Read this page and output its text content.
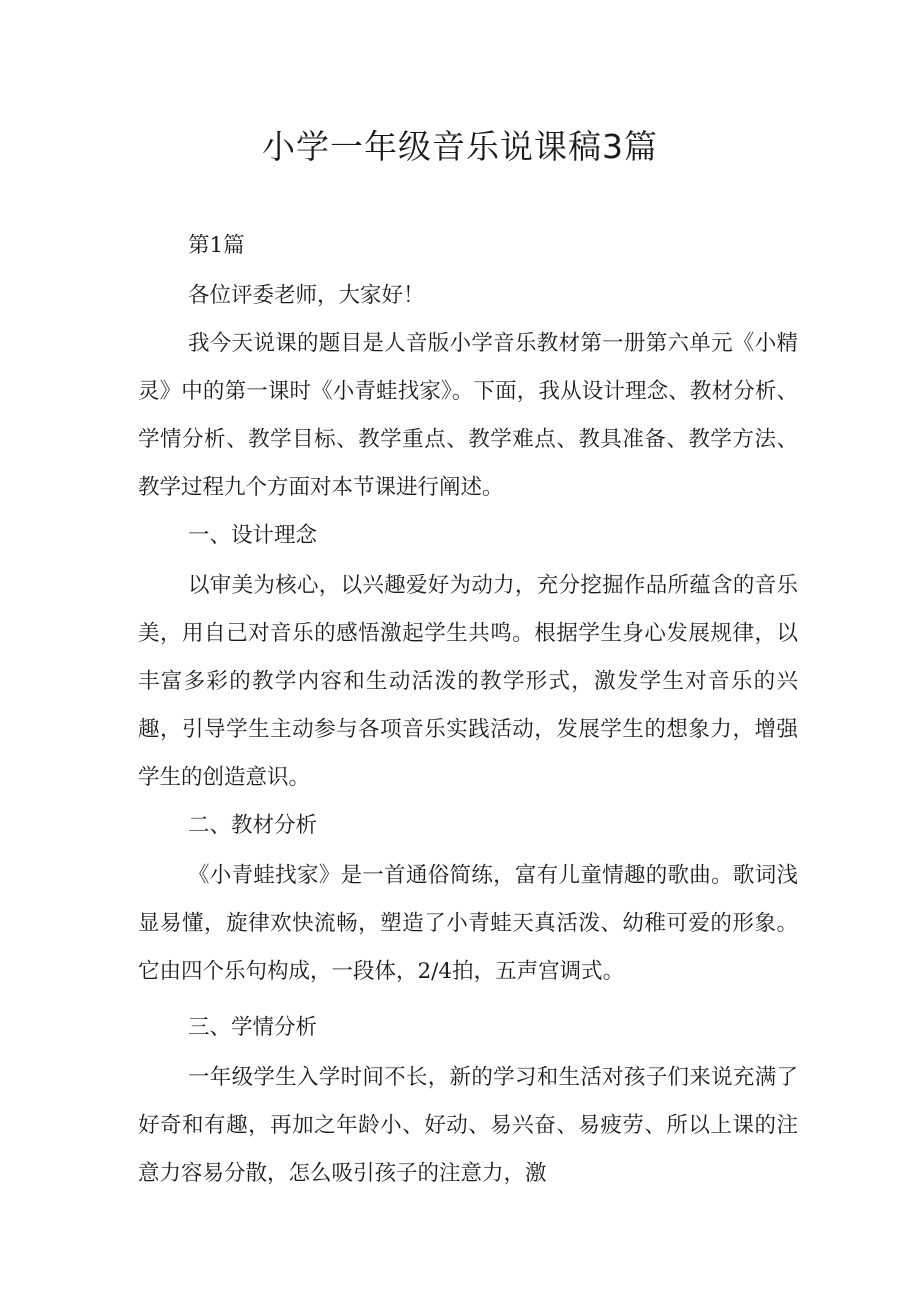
小学一年级音乐说课稿3篇

第1篇

各位评委老师，大家好！

我今天说课的题目是人音版小学音乐教材第一册第六单元《小精灵》中的第一课时《小青蛙找家》。下面，我从设计理念、教材分析、学情分析、教学目标、教学重点、教学难点、教具准备、教学方法、教学过程九个方面对本节课进行阐述。

一、设计理念

以审美为核心，以兴趣爱好为动力，充分挖掘作品所蕴含的音乐美，用自己对音乐的感悟激起学生共鸣。根据学生身心发展规律，以丰富多彩的教学内容和生动活泼的教学形式，激发学生对音乐的兴趣，引导学生主动参与各项音乐实践活动，发展学生的想象力，增强学生的创造意识。

二、教材分析

《小青蛙找家》是一首通俗简练，富有儿童情趣的歌曲。歌词浅显易懂，旋律欢快流畅，塑造了小青蛙天真活泼、幼稚可爱的形象。它由四个乐句构成，一段体，2/4拍，五声宫调式。

三、学情分析

一年级学生入学时间不长，新的学习和生活对孩子们来说充满了好奇和有趣，再加之年龄小、好动、易兴奋、易疲劳、所以上课的注意力容易分散，怎么吸引孩子的注意力，激
